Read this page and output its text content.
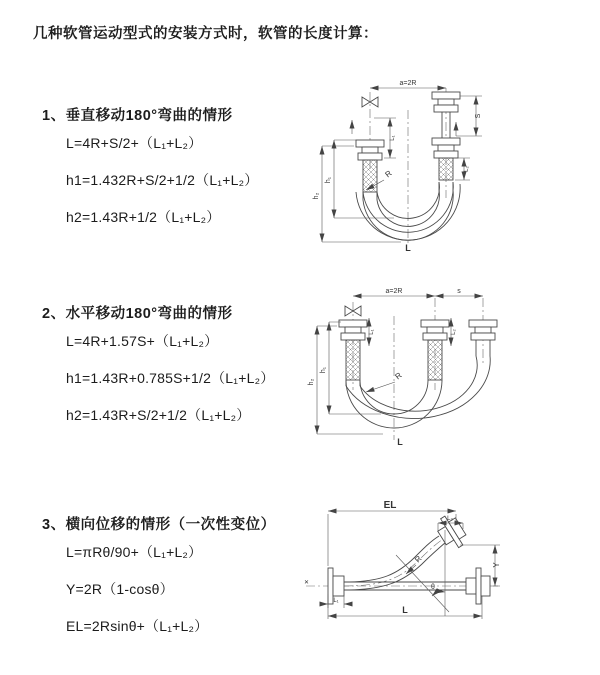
几种软管运动型式的安装方式时，软管的长度计算：
1、垂直移动180°弯曲的情形
L=4R+S/2+（L₁+L₂）
h1=1.432R+S/2+1/2（L₁+L₂）
h2=1.43R+1/2（L₁+L₂）
a=2R
h₂
h₁
L₁
S
L₂
R
L
2、水平移动180°弯曲的情形
L=4R+1.57S+（L₁+L₂）
h1=1.43R+0.785S+1/2（L₁+L₂）
h2=1.43R+S/2+1/2（L₁+L₂）
a=2R	s
h₂
h₁
L₁	L₂
R
L
3、横向位移的情形（一次性变位）
L=πRθ/90+（L₁+L₂）
Y=2R（1-cosθ）
EL=2Rsinθ+（L₁+L₂）
✕
θ
EL
L₂
Y
L
L₁
R
